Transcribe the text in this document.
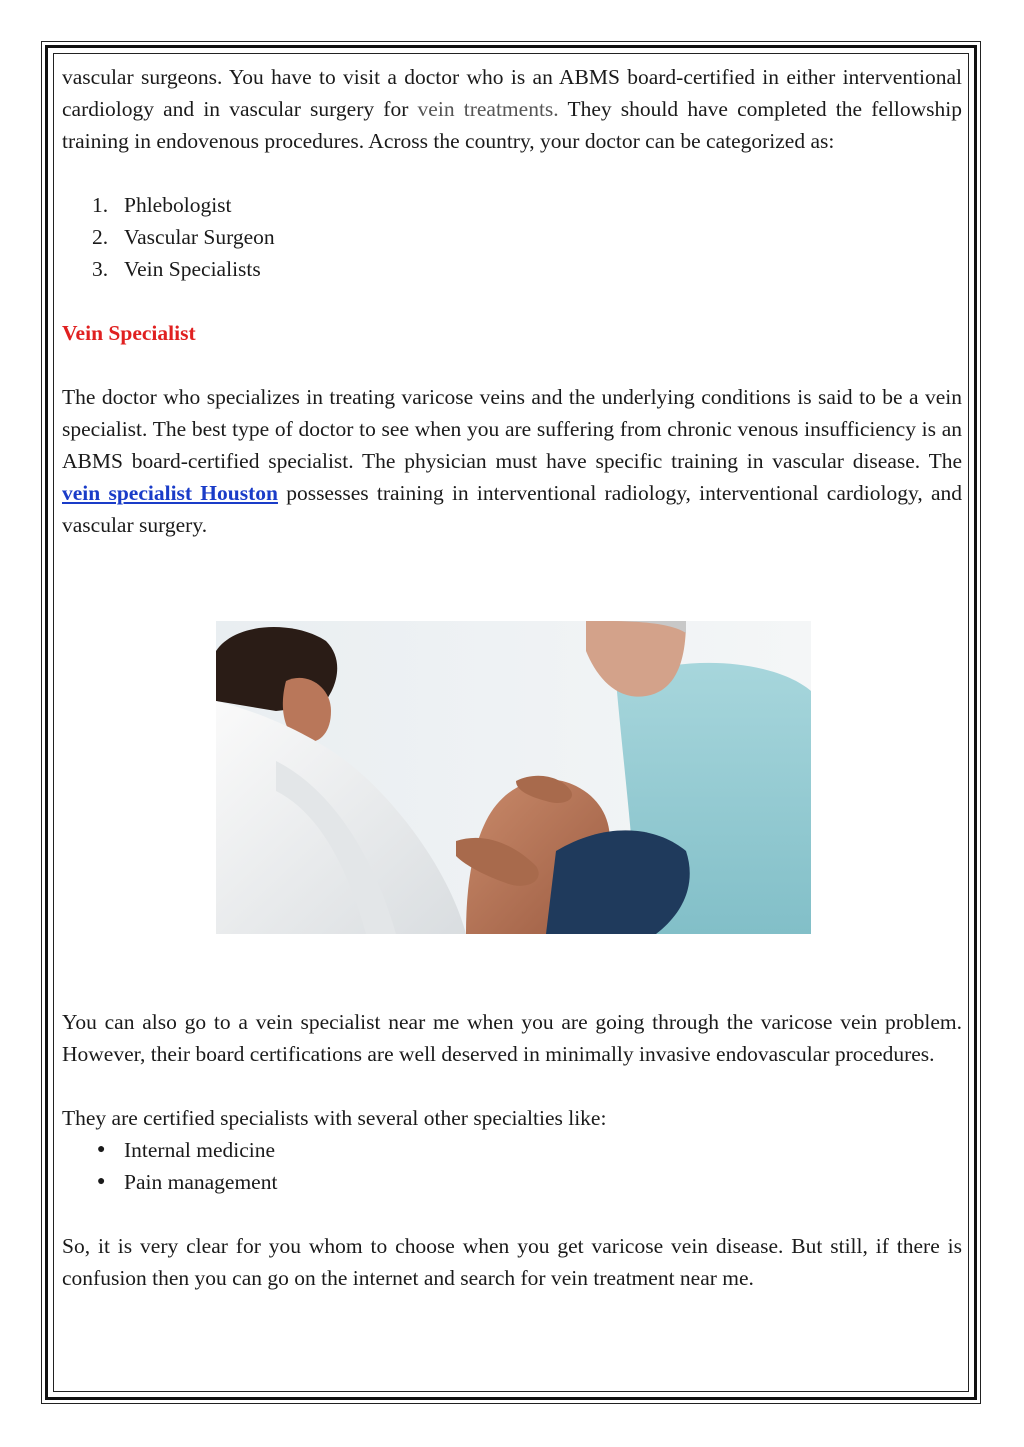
vascular surgeons. You have to visit a doctor who is an ABMS board-certified in either interventional cardiology and in vascular surgery for vein treatments. They should have completed the fellowship training in endovenous procedures. Across the country, your doctor can be categorized as:

1. Phlebologist
2. Vascular Surgeon
3. Vein Specialists

Vein Specialist

The doctor who specializes in treating varicose veins and the underlying conditions is said to be a vein specialist. The best type of doctor to see when you are suffering from chronic venous insufficiency is an ABMS board-certified specialist. The physician must have specific training in vascular disease. The vein specialist Houston possesses training in interventional radiology, interventional cardiology, and vascular surgery.

You can also go to a vein specialist near me when you are going through the varicose vein problem. However, their board certifications are well deserved in minimally invasive endovascular procedures.

They are certified specialists with several other specialties like:

● Internal medicine
● Pain management

So, it is very clear for you whom to choose when you get varicose vein disease. But still, if there is confusion then you can go on the internet and search for vein treatment near me.
